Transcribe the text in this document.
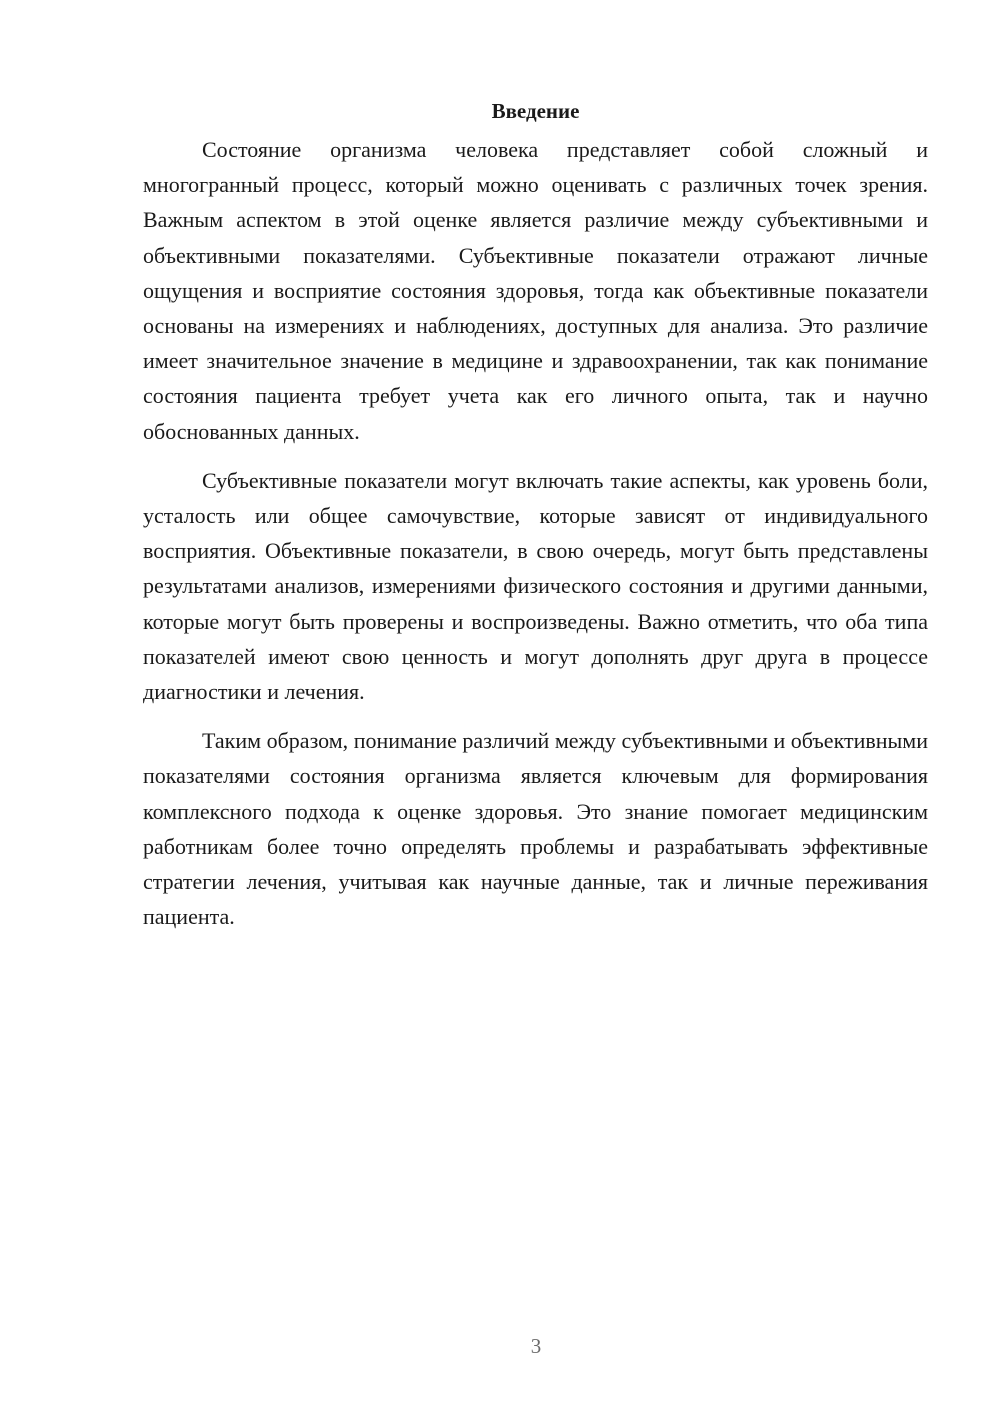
Введение

Состояние организма человека представляет собой сложный и многогранный процесс, который можно оценивать с различных точек зрения. Важным аспектом в этой оценке является различие между субъективными и объективными показателями. Субъективные показатели отражают личные ощущения и восприятие состояния здоровья, тогда как объективные показатели основаны на измерениях и наблюдениях, доступных для анализа. Это различие имеет значительное значение в медицине и здравоохранении, так как понимание состояния пациента требует учета как его личного опыта, так и научно обоснованных данных.

Субъективные показатели могут включать такие аспекты, как уровень боли, усталость или общее самочувствие, которые зависят от индивидуального восприятия. Объективные показатели, в свою очередь, могут быть представлены результатами анализов, измерениями физического состояния и другими данными, которые могут быть проверены и воспроизведены. Важно отметить, что оба типа показателей имеют свою ценность и могут дополнять друг друга в процессе диагностики и лечения.

Таким образом, понимание различий между субъективными и объективными показателями состояния организма является ключевым для формирования комплексного подхода к оценке здоровья. Это знание помогает медицинским работникам более точно определять проблемы и разрабатывать эффективные стратегии лечения, учитывая как научные данные, так и личные переживания пациента.

3
